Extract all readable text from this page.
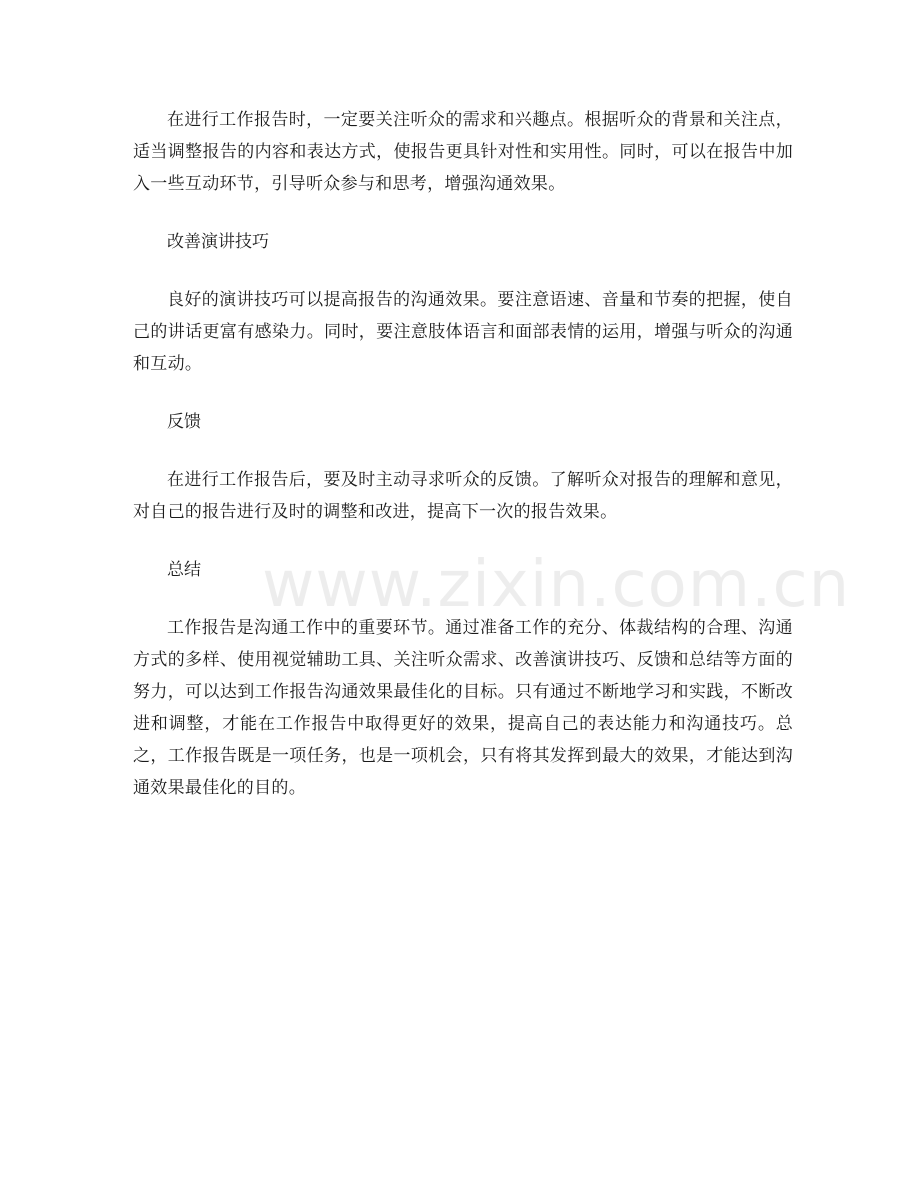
在进行工作报告时，一定要关注听众的需求和兴趣点。根据听众的背景和关注点，适当调整报告的内容和表达方式，使报告更具针对性和实用性。同时，可以在报告中加入一些互动环节，引导听众参与和思考，增强沟通效果。

改善演讲技巧

良好的演讲技巧可以提高报告的沟通效果。要注意语速、音量和节奏的把握，使自己的讲话更富有感染力。同时，要注意肢体语言和面部表情的运用，增强与听众的沟通和互动。

反馈

在进行工作报告后，要及时主动寻求听众的反馈。了解听众对报告的理解和意见，对自己的报告进行及时的调整和改进，提高下一次的报告效果。

总结

工作报告是沟通工作中的重要环节。通过准备工作的充分、体裁结构的合理、沟通方式的多样、使用视觉辅助工具、关注听众需求、改善演讲技巧、反馈和总结等方面的努力，可以达到工作报告沟通效果最佳化的目标。只有通过不断地学习和实践，不断改进和调整，才能在工作报告中取得更好的效果，提高自己的表达能力和沟通技巧。总之，工作报告既是一项任务，也是一项机会，只有将其发挥到最大的效果，才能达到沟通效果最佳化的目的。

www.zixin.com.cn
